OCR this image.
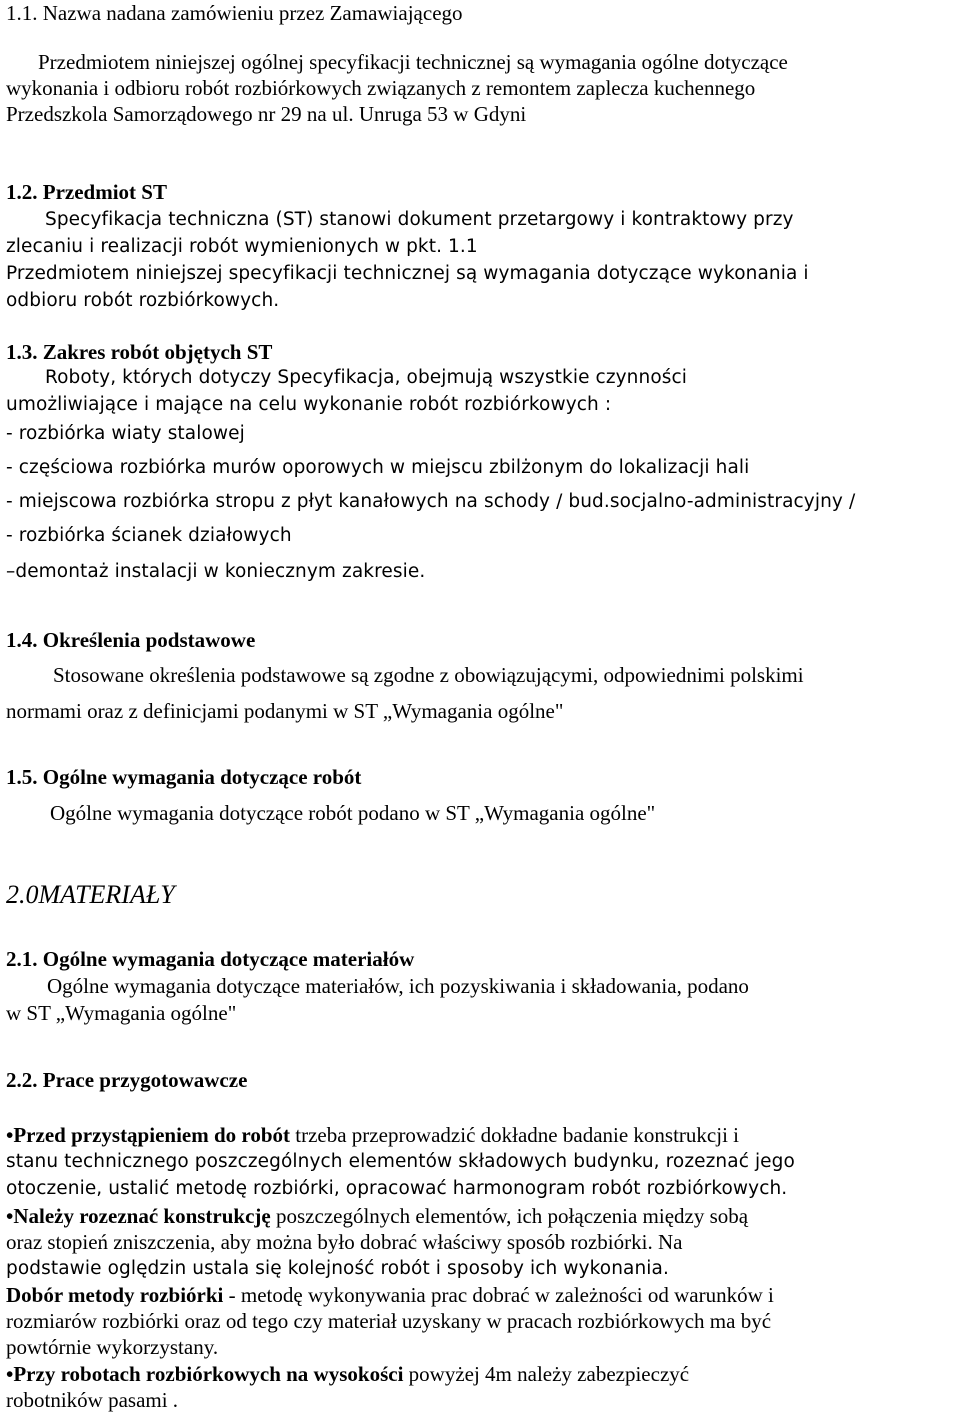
1.1. Nazwa nadana zamówieniu przez Zamawiającego
Przedmiotem niniejszej ogólnej specyfikacji technicznej są wymagania ogólne dotyczące
wykonania i odbioru robót rozbiórkowych związanych z remontem zaplecza kuchennego
Przedszkola Samorządowego nr 29 na ul. Unruga 53 w Gdyni
1.2. Przedmiot ST
Specyfikacja techniczna (ST) stanowi dokument przetargowy i kontraktowy przy
zlecaniu i realizacji robót wymienionych w pkt. 1.1
Przedmiotem niniejszej specyfikacji technicznej są wymagania dotyczące wykonania i
odbioru robót rozbiórkowych.
1.3. Zakres robót objętych ST
Roboty, których dotyczy Specyfikacja, obejmują wszystkie czynności
umożliwiające i mające na celu wykonanie robót rozbiórkowych :
- rozbiórka wiaty stalowej
- częściowa rozbiórka murów oporowych w miejscu zbilżonym do lokalizacji hali
- miejscowa rozbiórka stropu z płyt kanałowych na schody / bud.socjalno-administracyjny /
- rozbiórka ścianek działowych
–demontaż instalacji w koniecznym zakresie.
1.4. Określenia podstawowe
Stosowane określenia podstawowe są zgodne z obowiązującymi, odpowiednimi polskimi
normami oraz z definicjami podanymi w ST „Wymagania ogólne"
1.5. Ogólne wymagania dotyczące robót
Ogólne wymagania dotyczące robót podano w ST „Wymagania ogólne"
2.0MATERIAŁY
2.1. Ogólne wymagania dotyczące materiałów
Ogólne wymagania dotyczące materiałów, ich pozyskiwania i składowania, podano
w ST „Wymagania ogólne"
2.2. Prace przygotowawcze
•Przed przystąpieniem do robót trzeba przeprowadzić dokładne badanie konstrukcji i
stanu technicznego poszczególnych elementów składowych budynku, rozeznać jego
otoczenie, ustalić metodę rozbiórki, opracować harmonogram robót rozbiórkowych.
•Należy rozeznać konstrukcję poszczególnych elementów, ich połączenia między sobą
oraz stopień zniszczenia, aby można było dobrać właściwy sposób rozbiórki. Na
podstawie oględzin ustala się kolejność robót i sposoby ich wykonania.
Dobór metody rozbiórki - metodę wykonywania prac dobrać w zależności od warunków i
rozmiarów rozbiórki oraz od tego czy materiał uzyskany w pracach rozbiórkowych ma być
powtórnie wykorzystany.
•Przy robotach rozbiórkowych na wysokości powyżej 4m należy zabezpieczyć
robotników pasami .
